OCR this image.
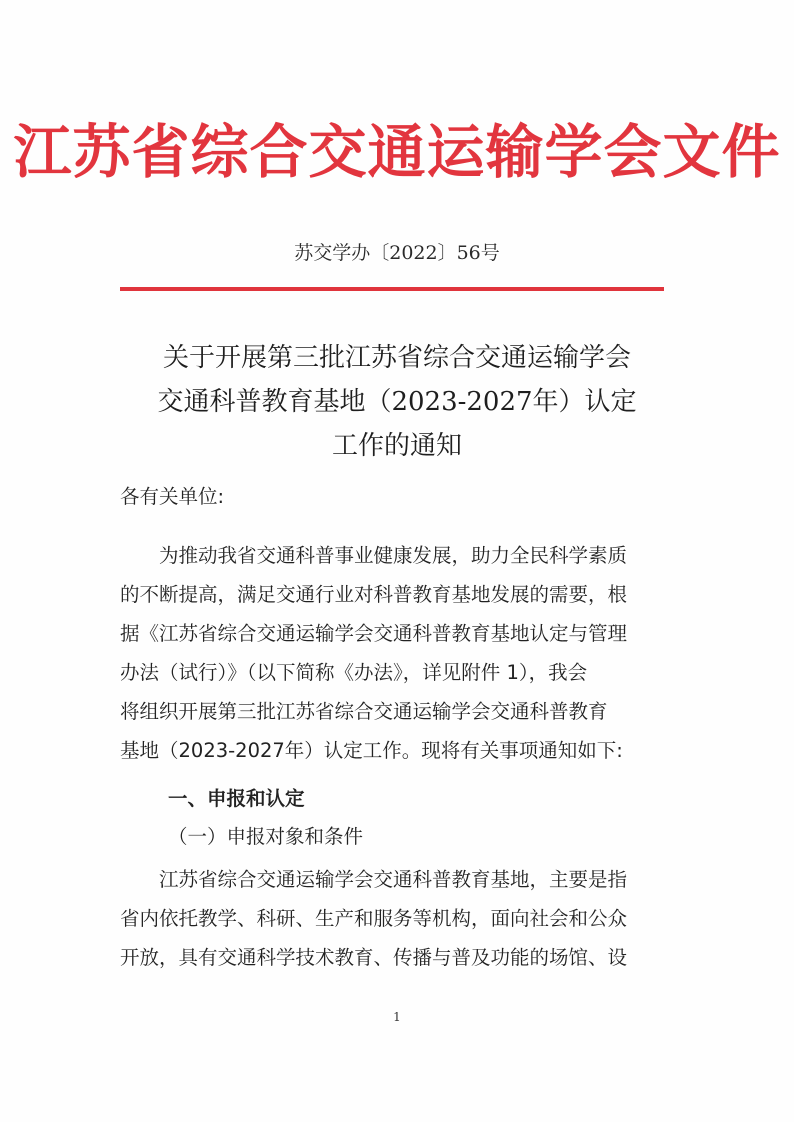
江苏省综合交通运输学会文件
苏交学办〔2022〕56号
关于开展第三批江苏省综合交通运输学会
交通科普教育基地（2023-2027年）认定
工作的通知
各有关单位:
为推动我省交通科普事业健康发展，助力全民科学素质
的不断提高，满足交通行业对科普教育基地发展的需要，根
据《江苏省综合交通运输学会交通科普教育基地认定与管理
办法（试行）》（以下简称《办法》，详见附件 1），我会
将组织开展第三批江苏省综合交通运输学会交通科普教育
基地（2023-2027年）认定工作。现将有关事项通知如下:
一、申报和认定
（一）申报对象和条件
江苏省综合交通运输学会交通科普教育基地，主要是指
省内依托教学、科研、生产和服务等机构，面向社会和公众
开放，具有交通科学技术教育、传播与普及功能的场馆、设
1
